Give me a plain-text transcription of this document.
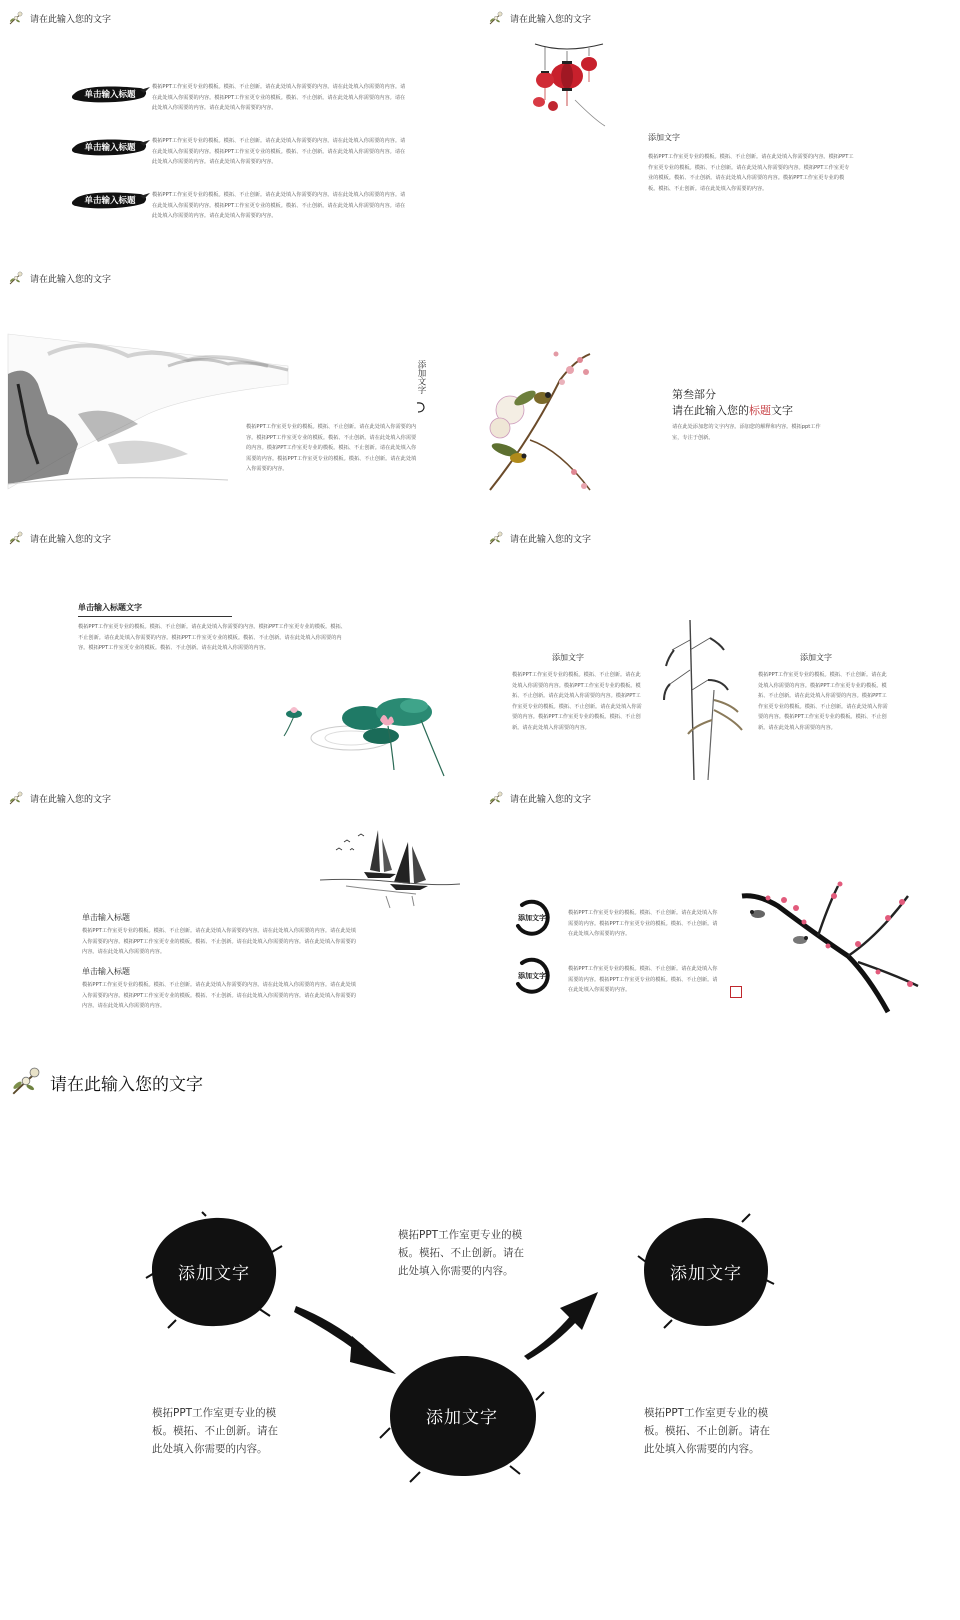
请在此输入您的文字
单击输入标题
模拓PPT工作室更专业的模板。模拓、不止创新。请在此处填入你需要的内容。请在此处填入你需要的内容。请在此处填入你需要的内容。模拓PPT工作室更专业的模板。模拓、不止创新。请在此处填入你需要的内容。请在此处填入你需要的内容。请在此处填入你需要的内容。
单击输入标题
模拓PPT工作室更专业的模板。模拓、不止创新。请在此处填入你需要的内容。请在此处填入你需要的内容。请在此处填入你需要的内容。模拓PPT工作室更专业的模板。模拓、不止创新。请在此处填入你需要的内容。请在此处填入你需要的内容。请在此处填入你需要的内容。
单击输入标题
模拓PPT工作室更专业的模板。模拓、不止创新。请在此处填入你需要的内容。请在此处填入你需要的内容。请在此处填入你需要的内容。模拓PPT工作室更专业的模板。模拓、不止创新。请在此处填入你需要的内容。请在此处填入你需要的内容。请在此处填入你需要的内容。
请在此输入您的文字
添加文字
模拓PPT工作室更专业的模板。模拓、不止创新。请在此处填入你需要的内容。模拓PPT工作室更专业的模板。模拓、不止创新。请在此处填入你需要的内容。模拓PPT工作室更专业的模板。模拓、不止创新。请在此处填入你需要的内容。模拓PPT工作室更专业的模板。模拓、不止创新。请在此处填入你需要的内容。
请在此输入您的文字
添加文字
模拓PPT工作室更专业的模板。模拓、不止创新。请在此处填入你需要的内容。模拓PPT工作室更专业的模板。模拓、不止创新。请在此处填入你需要的内容。模拓PPT工作室更专业的模板。模拓、不止创新。请在此处填入你需要的内容。模拓PPT工作室更专业的模板。模拓、不止创新。请在此处填入你需要的内容。
第叁部分
请在此输入您的标题文字
请在此处添加您的文字内容。添加您的解释和内容。模拓ppt工作室，专注于创新。
请在此输入您的文字
单击输入标题文字
模拓PPT工作室更专业的模板。模拓、不止创新。请在此处填入你需要的内容。模拓PPT工作室更专业的模板。模拓、不止创新。请在此处填入你需要的内容。模拓PPT工作室更专业的模板。模拓、不止创新。请在此处填入你需要的内容。模拓PPT工作室更专业的模板。模拓、不止创新。请在此处填入你需要的内容。
请在此输入您的文字
添加文字
模拓PPT工作室更专业的模板。模拓、不止创新。请在此处填入你需要的内容。模拓PPT工作室更专业的模板。模拓、不止创新。请在此处填入你需要的内容。模拓PPT工作室更专业的模板。模拓、不止创新。请在此处填入你需要的内容。模拓PPT工作室更专业的模板。模拓、不止创新。请在此处填入你需要的内容。
添加文字
模拓PPT工作室更专业的模板。模拓、不止创新。请在此处填入你需要的内容。模拓PPT工作室更专业的模板。模拓、不止创新。请在此处填入你需要的内容。模拓PPT工作室更专业的模板。模拓、不止创新。请在此处填入你需要的内容。模拓PPT工作室更专业的模板。模拓、不止创新。请在此处填入你需要的内容。
请在此输入您的文字
单击输入标题
模拓PPT工作室更专业的模板。模拓、不止创新。请在此处填入你需要的内容。请在此处填入你需要的内容。请在此处填入你需要的内容。模拓PPT工作室更专业的模板。模拓、不止创新。请在此处填入你需要的内容。请在此处填入你需要的内容。请在此处填入你需要的内容。
单击输入标题
模拓PPT工作室更专业的模板。模拓、不止创新。请在此处填入你需要的内容。请在此处填入你需要的内容。请在此处填入你需要的内容。模拓PPT工作室更专业的模板。模拓、不止创新。请在此处填入你需要的内容。请在此处填入你需要的内容。请在此处填入你需要的内容。
请在此输入您的文字
添加文字
模拓PPT工作室更专业的模板。模拓、不止创新。请在此处填入你需要的内容。模拓PPT工作室更专业的模板。模拓、不止创新。请在此处填入你需要的内容。
添加文字
模拓PPT工作室更专业的模板。模拓、不止创新。请在此处填入你需要的内容。模拓PPT工作室更专业的模板。模拓、不止创新。请在此处填入你需要的内容。
请在此输入您的文字
模拓PPT工作室更专业的模板。模拓、不止创新。请在此处填入你需要的内容。
添加文字	添加文字
添加文字
模拓PPT工作室更专业的模板。模拓、不止创新。请在此处填入你需要的内容。
模拓PPT工作室更专业的模板。模拓、不止创新。请在此处填入你需要的内容。
